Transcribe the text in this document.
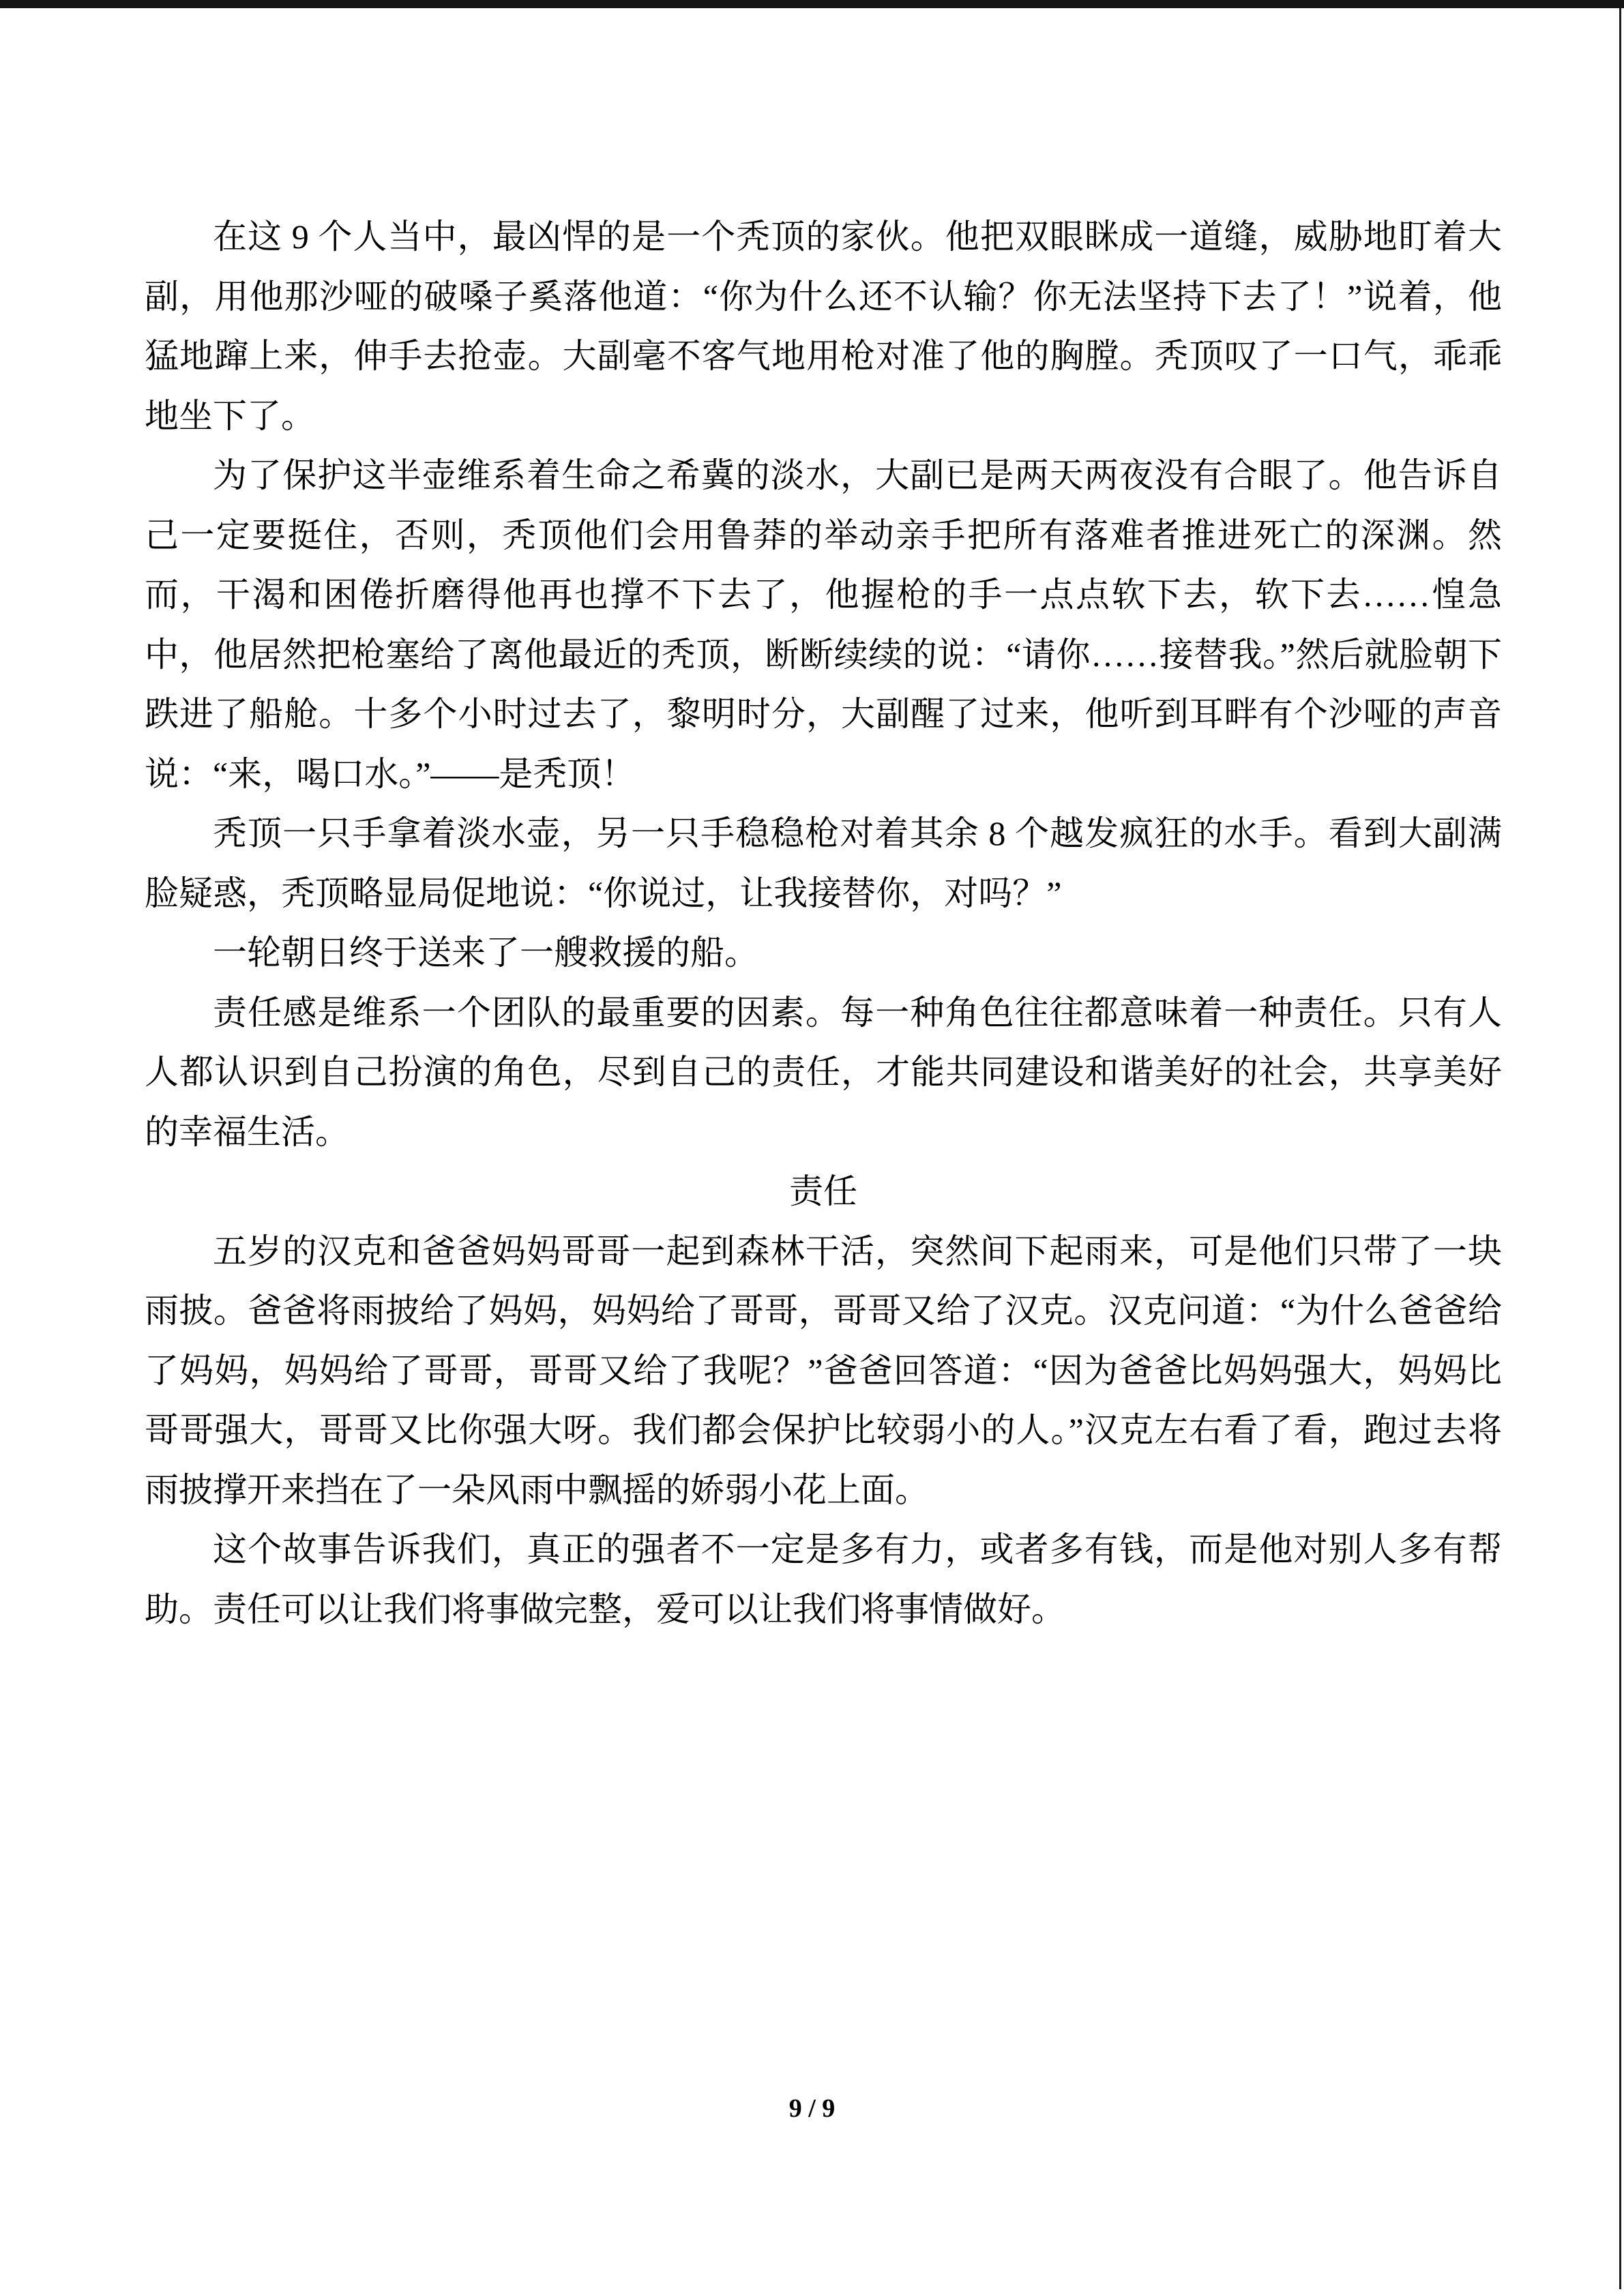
在这 9 个人当中，最凶悍的是一个秃顶的家伙。他把双眼眯成一道缝，威胁地盯着大副，用他那沙哑的破嗓子奚落他道：“你为什么还不认输？你无法坚持下去了！”说着，他猛地蹿上来，伸手去抢壶。大副毫不客气地用枪对准了他的胸膛。秃顶叹了一口气，乖乖地坐下了。

为了保护这半壶维系着生命之希冀的淡水，大副已是两天两夜没有合眼了。他告诉自己一定要挺住，否则，秃顶他们会用鲁莽的举动亲手把所有落难者推进死亡的深渊。然而，干渴和困倦折磨得他再也撑不下去了，他握枪的手一点点软下去，软下去……惶急中，他居然把枪塞给了离他最近的秃顶，断断续续的说：“请你……接替我。”然后就脸朝下跌进了船舱。十多个小时过去了，黎明时分，大副醒了过来，他听到耳畔有个沙哑的声音说：“来，喝口水。”——是秃顶！

秃顶一只手拿着淡水壶，另一只手稳稳枪对着其余 8 个越发疯狂的水手。看到大副满脸疑惑，秃顶略显局促地说：“你说过，让我接替你，对吗？”

一轮朝日终于送来了一艘救援的船。

责任感是维系一个团队的最重要的因素。每一种角色往往都意味着一种责任。只有人人都认识到自己扮演的角色，尽到自己的责任，才能共同建设和谐美好的社会，共享美好的幸福生活。

责任

五岁的汉克和爸爸妈妈哥哥一起到森林干活，突然间下起雨来，可是他们只带了一块雨披。爸爸将雨披给了妈妈，妈妈给了哥哥，哥哥又给了汉克。汉克问道：“为什么爸爸给了妈妈，妈妈给了哥哥，哥哥又给了我呢？”爸爸回答道：“因为爸爸比妈妈强大，妈妈比哥哥强大，哥哥又比你强大呀。我们都会保护比较弱小的人。”汉克左右看了看，跑过去将雨披撑开来挡在了一朵风雨中飘摇的娇弱小花上面。

这个故事告诉我们，真正的强者不一定是多有力，或者多有钱，而是他对别人多有帮助。责任可以让我们将事做完整，爱可以让我们将事情做好。

9 / 9
